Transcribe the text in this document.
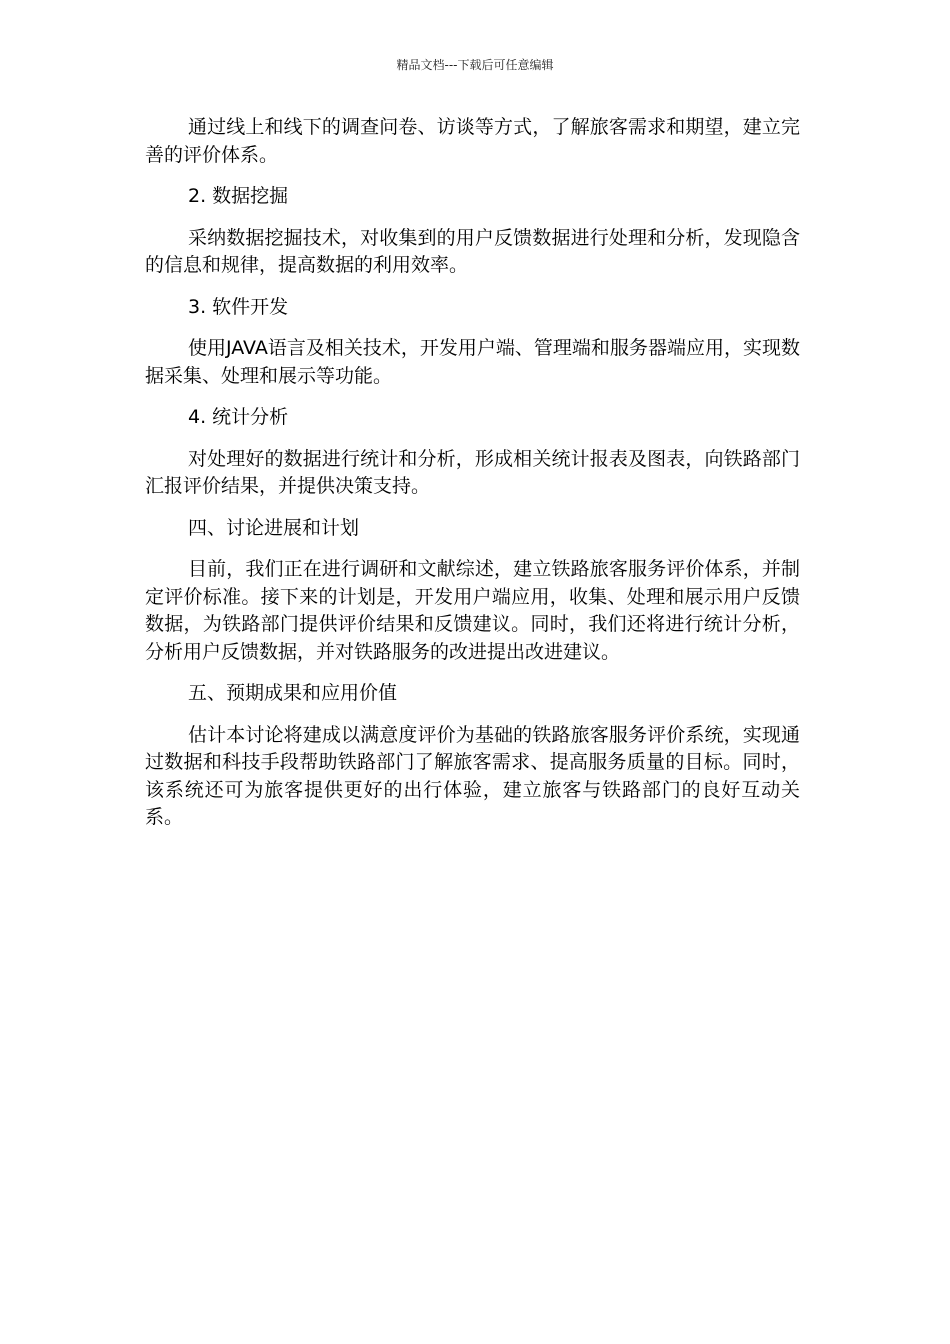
精品文档---下载后可任意编辑

通过线上和线下的调查问卷、访谈等方式，了解旅客需求和期望，建立完善的评价体系。

2. 数据挖掘

采纳数据挖掘技术，对收集到的用户反馈数据进行处理和分析，发现隐含的信息和规律，提高数据的利用效率。

3. 软件开发

使用JAVA语言及相关技术，开发用户端、管理端和服务器端应用，实现数据采集、处理和展示等功能。

4. 统计分析

对处理好的数据进行统计和分析，形成相关统计报表及图表，向铁路部门汇报评价结果，并提供决策支持。

四、讨论进展和计划

目前，我们正在进行调研和文献综述，建立铁路旅客服务评价体系，并制定评价标准。接下来的计划是，开发用户端应用，收集、处理和展示用户反馈数据，为铁路部门提供评价结果和反馈建议。同时，我们还将进行统计分析，分析用户反馈数据，并对铁路服务的改进提出改进建议。

五、预期成果和应用价值

估计本讨论将建成以满意度评价为基础的铁路旅客服务评价系统，实现通过数据和科技手段帮助铁路部门了解旅客需求、提高服务质量的目标。同时，该系统还可为旅客提供更好的出行体验，建立旅客与铁路部门的良好互动关系。
